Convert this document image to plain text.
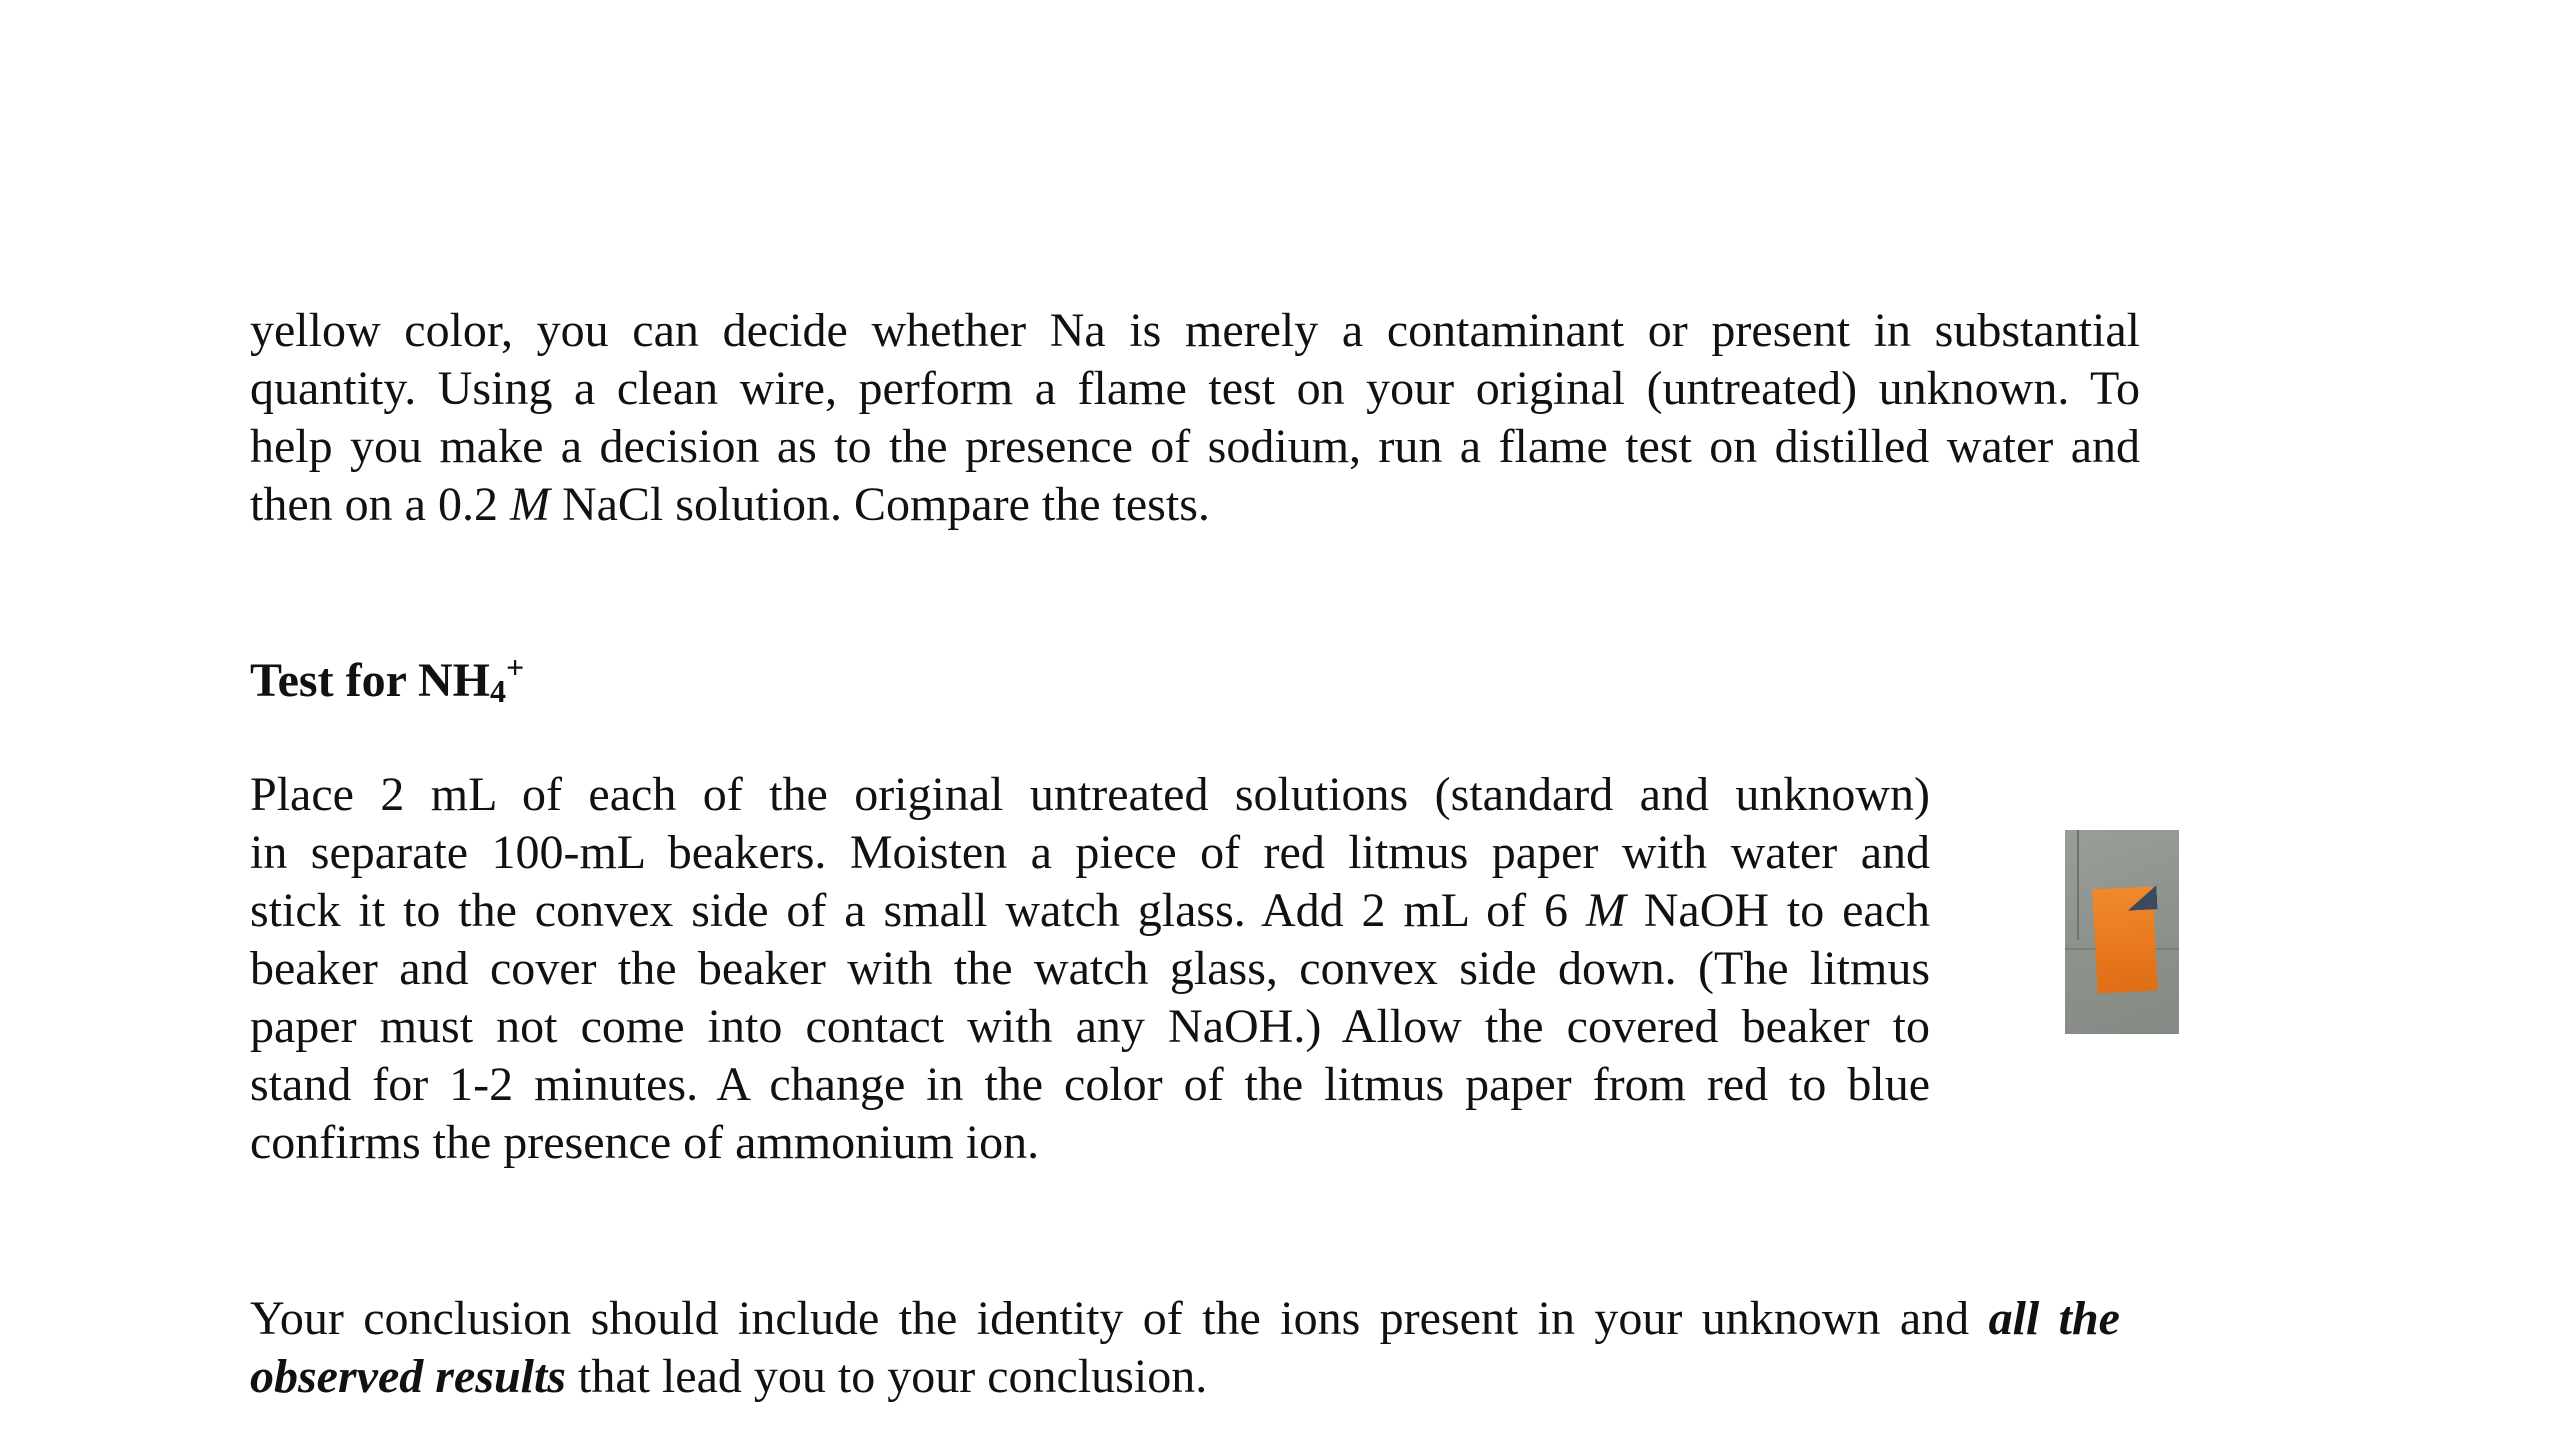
yellow color, you can decide whether Na is merely a contaminant or present in substantial
quantity. Using a clean wire, perform a flame test on your original (untreated) unknown. To
help you make a decision as to the presence of sodium, run a flame test on distilled water and
then on a 0.2 M NaCl solution. Compare the tests.
Test for $NH_4^+$
Place 2 mL of each of the original untreated solutions (standard and unknown)
in separate 100-mL beakers. Moisten a piece of red litmus paper with water and
stick it to the convex side of a small watch glass. Add 2 mL of 6 M NaOH to each
beaker and cover the beaker with the watch glass, convex side down. (The litmus
paper must not come into contact with any NaOH.) Allow the covered beaker to
stand for 1-2 minutes. A change in the color of the litmus paper from red to blue
confirms the presence of ammonium ion.
Your conclusion should include the identity of the ions present in your unknown and all the
observed results that lead you to your conclusion.
